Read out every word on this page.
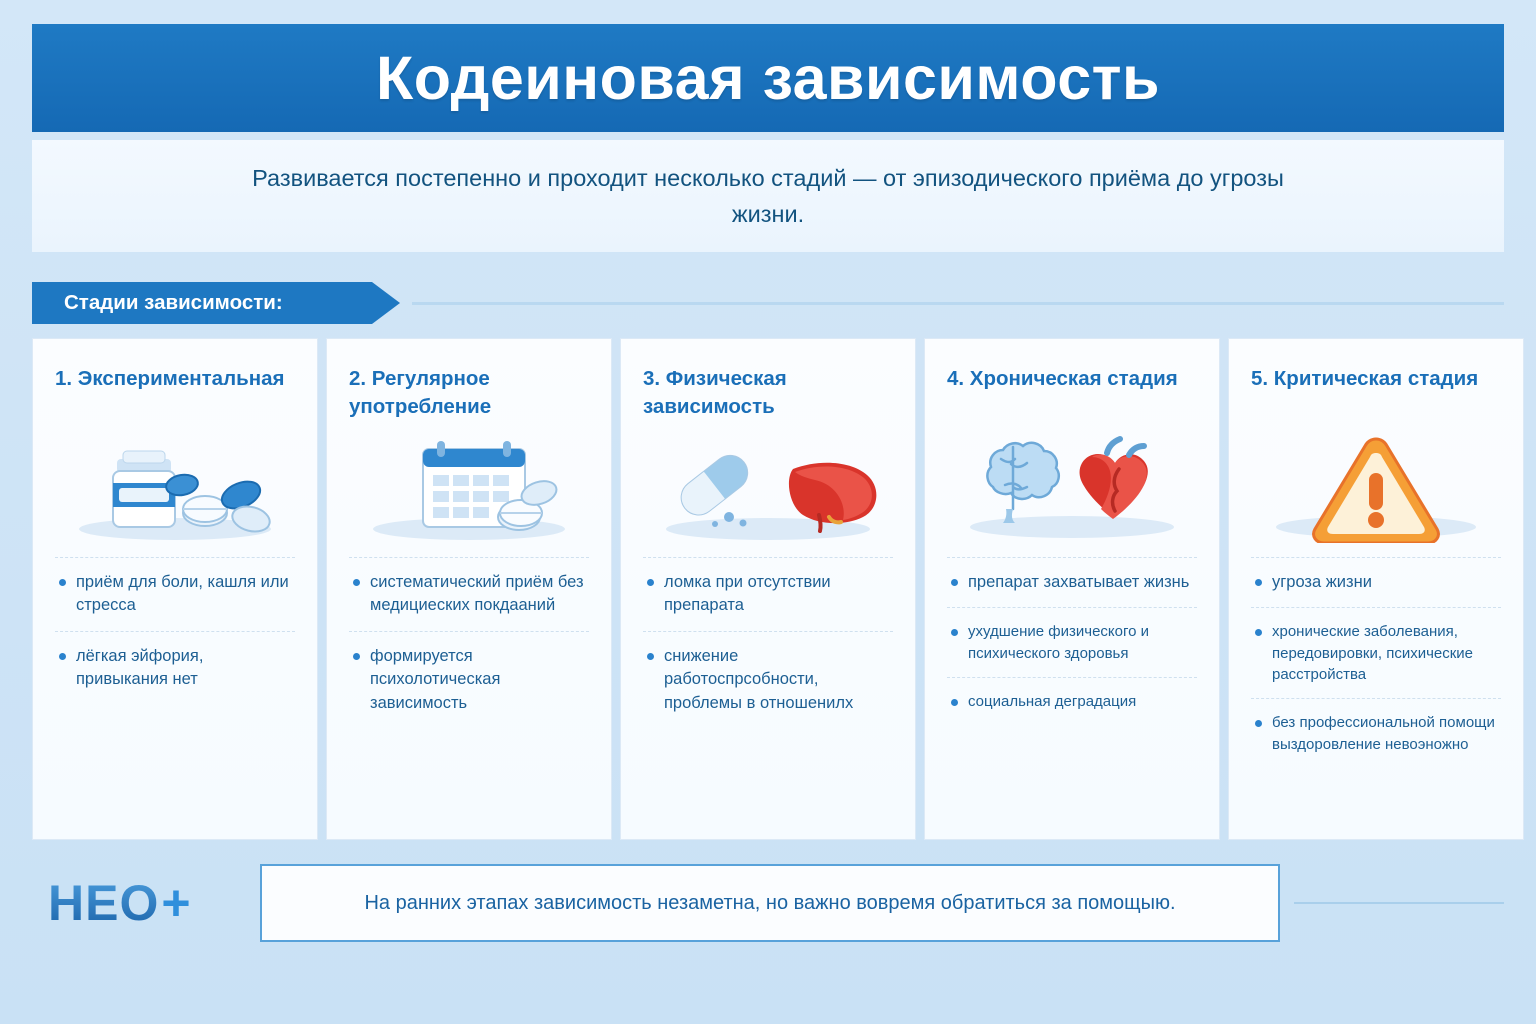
Кодеиновая зависимость
Развивается постепенно и проходит несколько стадий — от эпизодического приёма до угрозы жизни.
Стадии зависимости:
1. Экспериментальная
приём для боли, кашля или стресса
лёгкая эйфория, привыкания нет
2. Регулярное употребление
систематический приём без медициеских покдааний
формируется психолотическая зависимость
3. Физическая зависимость
ломка при отсутствии препарата
снижение работоспрсобности, проблемы в отношенилх
4. Хроническая стадия
препарат захватывает жизнь
ухудшение физического и психического здоровья
социальная деградация
5. Критическая стадия
угроза жизни
хронические заболевания, передовировки, психические расстройства
без профессиональной помощи выздоровление невоэножно
HEO +	На ранних этапах зависимость незаметна, но важно вовремя обратиться за помощыю.
